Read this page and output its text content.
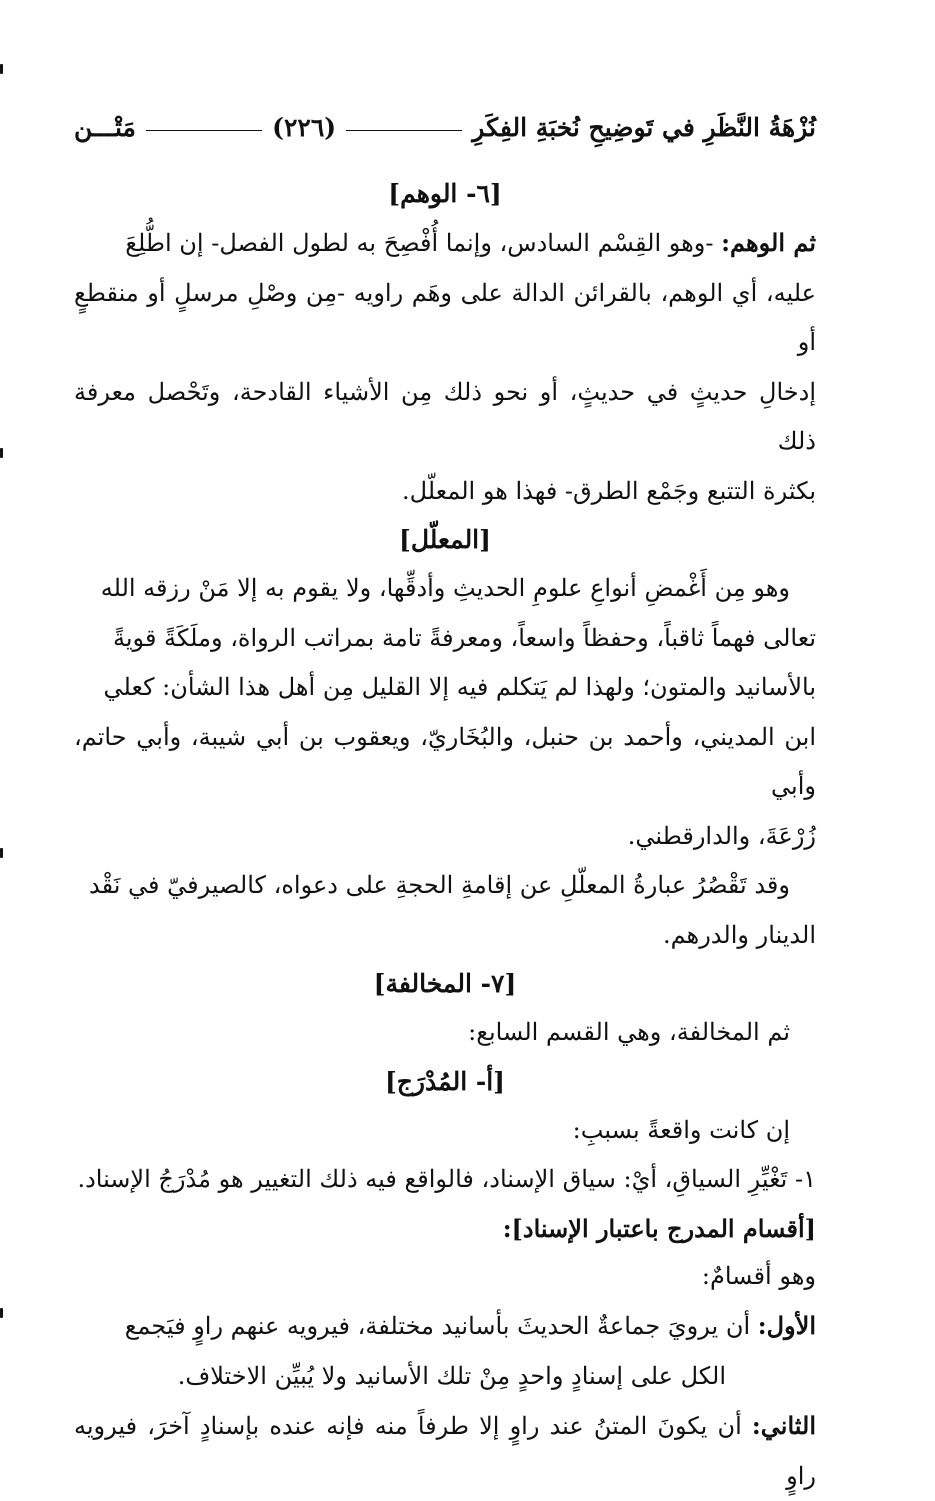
نُزْهَةُ النَّظَرِ في تَوضِيحِ نُخبَةِ الفِكَرِ
(٢٢٦)
مَتْـــن

[٦- الوهم]

ثم الوهم: -وهو القِسْم السادس، وإنما أُفْصِحَ به لطول الفصل- إن اطُّلِعَ
عليه، أي الوهم، بالقرائن الدالة على وهَم راويه -مِن وصْلِ مرسلٍ أو منقطعٍ أو
إدخالِ حديثٍ في حديثٍ، أو نحو ذلك مِن الأشياء القادحة، وتَحْصل معرفة ذلك
بكثرة التتبع وجَمْع الطرق- فهذا هو المعلّل.

[المعلّل]

وهو مِن أَغْمضِ أنواعِ علومِ الحديثِ وأدقِّها، ولا يقوم به إلا مَنْ رزقه الله
تعالى فهماً ثاقباً، وحفظاً واسعاً، ومعرفةً تامة بمراتب الرواة، وملَكَةً قويةً
بالأسانيد والمتون؛ ولهذا لم يَتكلم فيه إلا القليل مِن أهل هذا الشأن: كعلي
ابن المديني، وأحمد بن حنبل، والبُخَاريّ، ويعقوب بن أبي شيبة، وأبي حاتم، وأبي
زُرْعَةَ، والدارقطني.

وقد تَقْصُرُ عبارةُ المعلّلِ عن إقامةِ الحجةِ على دعواه، كالصيرفيّ في نَقْد
الدينار والدرهم.

[٧- المخالفة]

ثم المخالفة، وهي القسم السابع:

[أ- المُدْرَج]

إن كانت واقعةً بسببِ:

١- تَغْيِّرِ السياقِ، أيْ: سياق الإسناد، فالواقع فيه ذلك التغيير هو مُدْرَجُ الإسناد.

[أقسام المدرج باعتبار الإسناد]:

وهو أقسامٌ:

الأول: أن يرويَ جماعةٌ الحديثَ بأسانيد مختلفة، فيرويه عنهم راوٍ فيَجمع
الكل على إسنادٍ واحدٍ مِنْ تلك الأسانيد ولا يُبيِّن الاختلاف.

الثاني: أن يكونَ المتنُ عند راوٍ إلا طرفاً منه فإنه عنده بإسنادٍ آخرَ، فيرويه راوٍ
